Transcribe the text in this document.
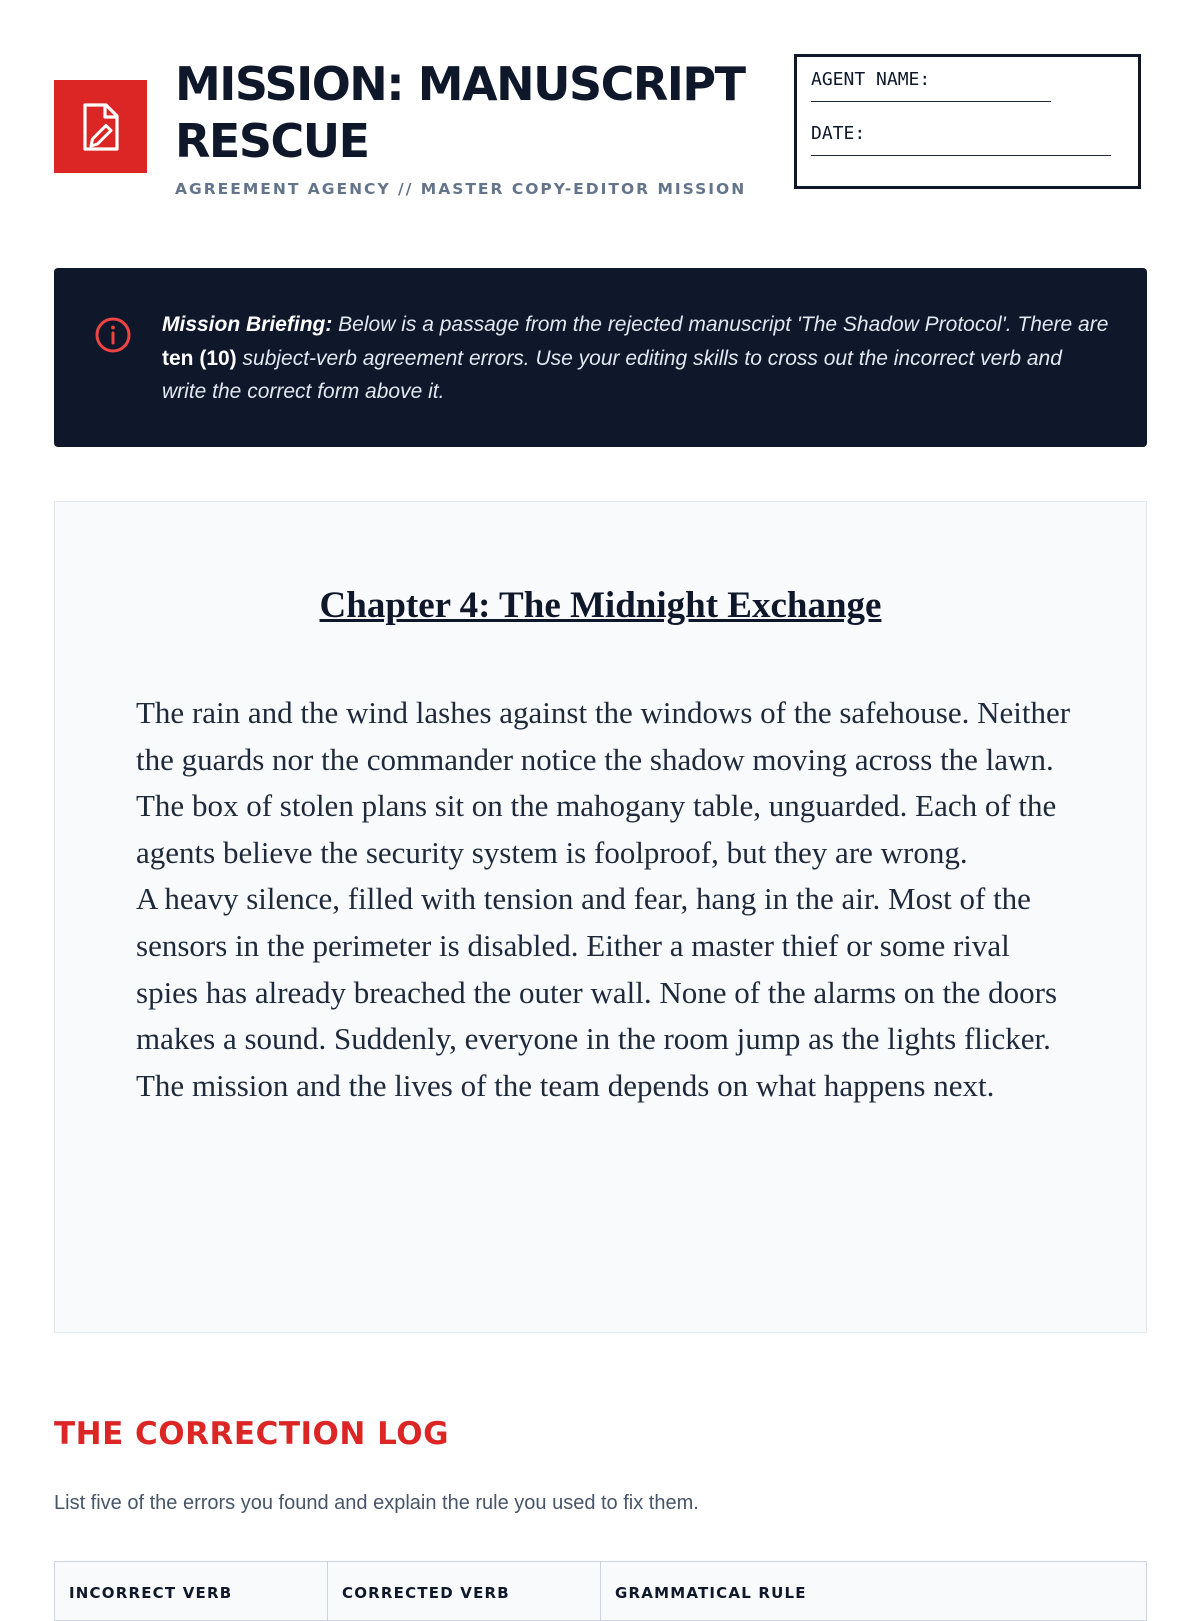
MISSION: MANUSCRIPT
RESCUE
AGREEMENT AGENCY // MASTER COPY-EDITOR MISSION
AGENT NAME:
DATE:
Mission Briefing: Below is a passage from the rejected manuscript 'The Shadow Protocol'. There are ten (10) subject-verb agreement errors. Use your editing skills to cross out the incorrect verb and write the correct form above it.
Chapter 4: The Midnight Exchange

The rain and the wind lashes against the windows of the safehouse. Neither the guards nor the commander notice the shadow moving across the lawn. The box of stolen plans sit on the mahogany table, unguarded. Each of the agents believe the security system is foolproof, but they are wrong.

A heavy silence, filled with tension and fear, hang in the air. Most of the sensors in the perimeter is disabled. Either a master thief or some rival spies has already breached the outer wall. None of the alarms on the doors makes a sound. Suddenly, everyone in the room jump as the lights flicker. The mission and the lives of the team depends on what happens next.

THE CORRECTION LOG
List five of the errors you found and explain the rule you used to fix them.
INCORRECT VERB	CORRECTED VERB	GRAMMATICAL RULE
